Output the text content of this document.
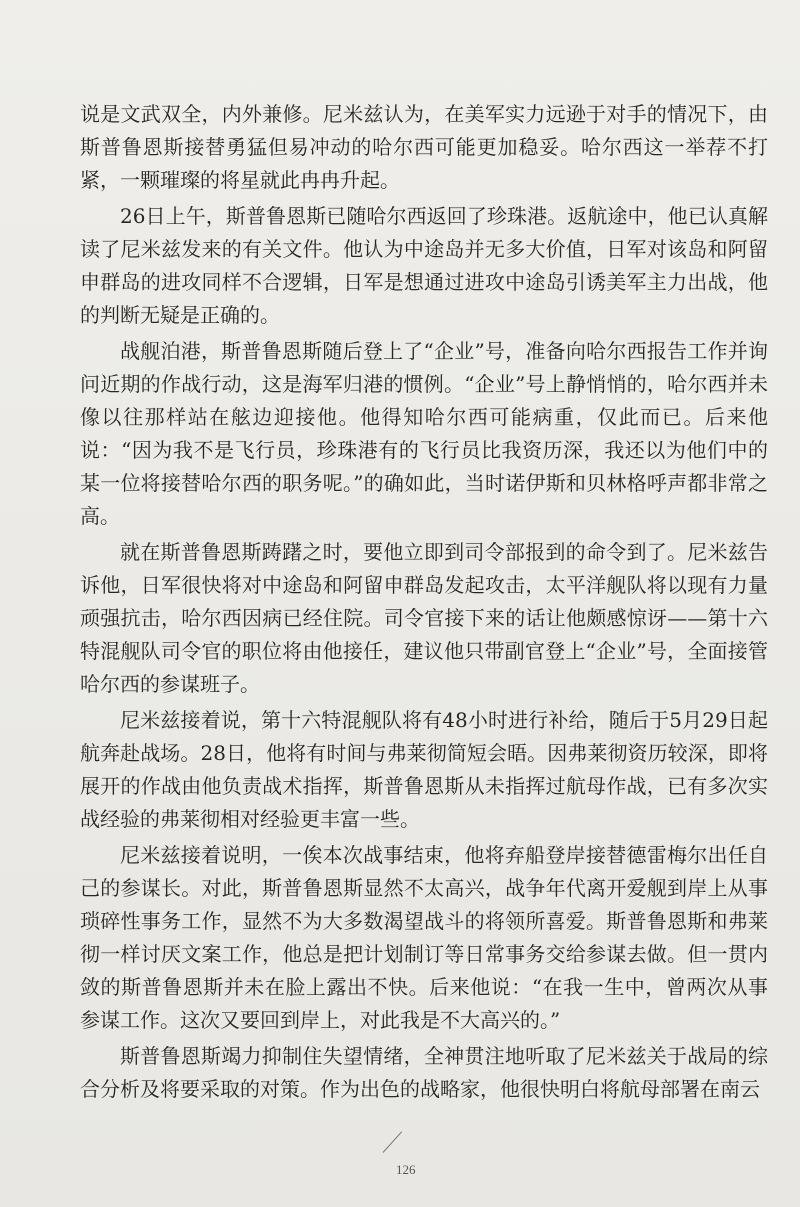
说是文武双全，内外兼修。尼米兹认为，在美军实力远逊于对手的情况下，由斯普鲁恩斯接替勇猛但易冲动的哈尔西可能更加稳妥。哈尔西这一举荐不打紧，一颗璀璨的将星就此冉冉升起。

26日上午，斯普鲁恩斯已随哈尔西返回了珍珠港。返航途中，他已认真解读了尼米兹发来的有关文件。他认为中途岛并无多大价值，日军对该岛和阿留申群岛的进攻同样不合逻辑，日军是想通过进攻中途岛引诱美军主力出战，他的判断无疑是正确的。

战舰泊港，斯普鲁恩斯随后登上了“企业”号，准备向哈尔西报告工作并询问近期的作战行动，这是海军归港的惯例。“企业”号上静悄悄的，哈尔西并未像以往那样站在舷边迎接他。他得知哈尔西可能病重，仅此而已。后来他说：“因为我不是飞行员，珍珠港有的飞行员比我资历深，我还以为他们中的某一位将接替哈尔西的职务呢。”的确如此，当时诺伊斯和贝林格呼声都非常之高。

就在斯普鲁恩斯踌躇之时，要他立即到司令部报到的命令到了。尼米兹告诉他，日军很快将对中途岛和阿留申群岛发起攻击，太平洋舰队将以现有力量顽强抗击，哈尔西因病已经住院。司令官接下来的话让他颇感惊讶——第十六特混舰队司令官的职位将由他接任，建议他只带副官登上“企业”号，全面接管哈尔西的参谋班子。

尼米兹接着说，第十六特混舰队将有48小时进行补给，随后于5月29日起航奔赴战场。28日，他将有时间与弗莱彻简短会晤。因弗莱彻资历较深，即将展开的作战由他负责战术指挥，斯普鲁恩斯从未指挥过航母作战，已有多次实战经验的弗莱彻相对经验更丰富一些。

尼米兹接着说明，一俟本次战事结束，他将弃船登岸接替德雷梅尔出任自己的参谋长。对此，斯普鲁恩斯显然不太高兴，战争年代离开爱舰到岸上从事琐碎性事务工作，显然不为大多数渴望战斗的将领所喜爱。斯普鲁恩斯和弗莱彻一样讨厌文案工作，他总是把计划制订等日常事务交给参谋去做。但一贯内敛的斯普鲁恩斯并未在脸上露出不快。后来他说：“在我一生中，曾两次从事参谋工作。这次又要回到岸上，对此我是不大高兴的。”

斯普鲁恩斯竭力抑制住失望情绪，全神贯注地听取了尼米兹关于战局的综合分析及将要采取的对策。作为出色的战略家，他很快明白将航母部署在南云

126
